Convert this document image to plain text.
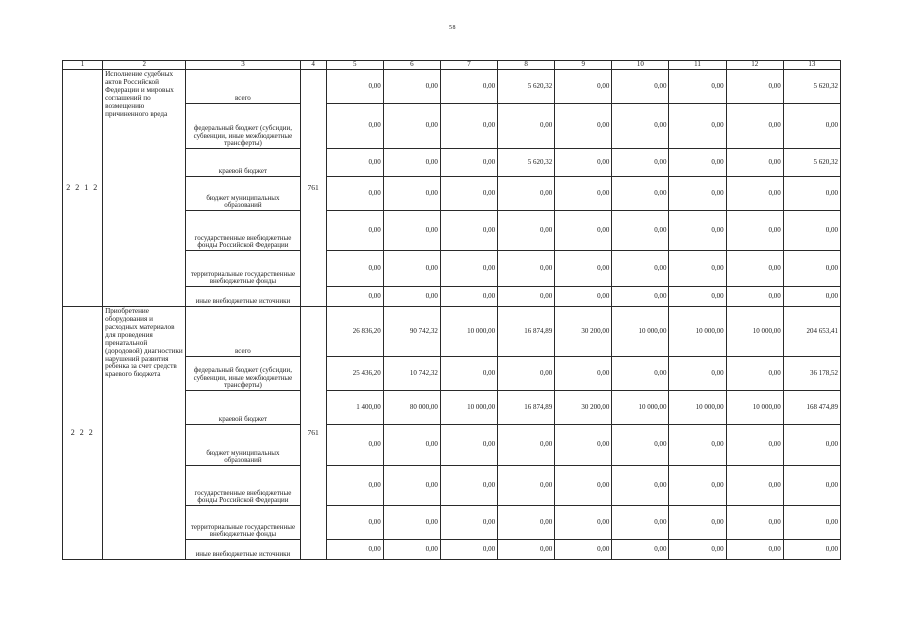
58
1	2	3	4	5	6	7	8	9	10	11	12	13
2 2 1 2	Исполнение судебных актов Российской Федерации и мировых соглашений по возмещению причиненного вреда	всего	761	0,00	0,00	0,00	5 620,32	0,00	0,00	0,00	0,00	5 620,32
		федеральный бюджет (субсидии, субвенции, иные межбюджетные трансферты)		0,00	0,00	0,00	0,00	0,00	0,00	0,00	0,00	0,00
		краевой бюджет		0,00	0,00	0,00	5 620,32	0,00	0,00	0,00	0,00	5 620,32
		бюджет муниципальных образований		0,00	0,00	0,00	0,00	0,00	0,00	0,00	0,00	0,00
		государственные внебюджетные фонды Российской Федерации		0,00	0,00	0,00	0,00	0,00	0,00	0,00	0,00	0,00
		территориальные государственные внебюджетные фонды		0,00	0,00	0,00	0,00	0,00	0,00	0,00	0,00	0,00
		иные внебюджетные источники		0,00	0,00	0,00	0,00	0,00	0,00	0,00	0,00	0,00
2 2 2	Приобретение оборудования и расходных материалов для проведения пренатальной (дородовой) диагностики нарушений развития ребенка за счет средств краевого бюджета	всего	761	26 836,20	90 742,32	10 000,00	16 874,89	30 200,00	10 000,00	10 000,00	10 000,00	204 653,41
		федеральный бюджет (субсидии, субвенции, иные межбюджетные трансферты)		25 436,20	10 742,32	0,00	0,00	0,00	0,00	0,00	0,00	36 178,52
		краевой бюджет		1 400,00	80 000,00	10 000,00	16 874,89	30 200,00	10 000,00	10 000,00	10 000,00	168 474,89
		бюджет муниципальных образований		0,00	0,00	0,00	0,00	0,00	0,00	0,00	0,00	0,00
		государственные внебюджетные фонды Российской Федерации		0,00	0,00	0,00	0,00	0,00	0,00	0,00	0,00	0,00
		территориальные государственные внебюджетные фонды		0,00	0,00	0,00	0,00	0,00	0,00	0,00	0,00	0,00
		иные внебюджетные источники		0,00	0,00	0,00	0,00	0,00	0,00	0,00	0,00	0,00
